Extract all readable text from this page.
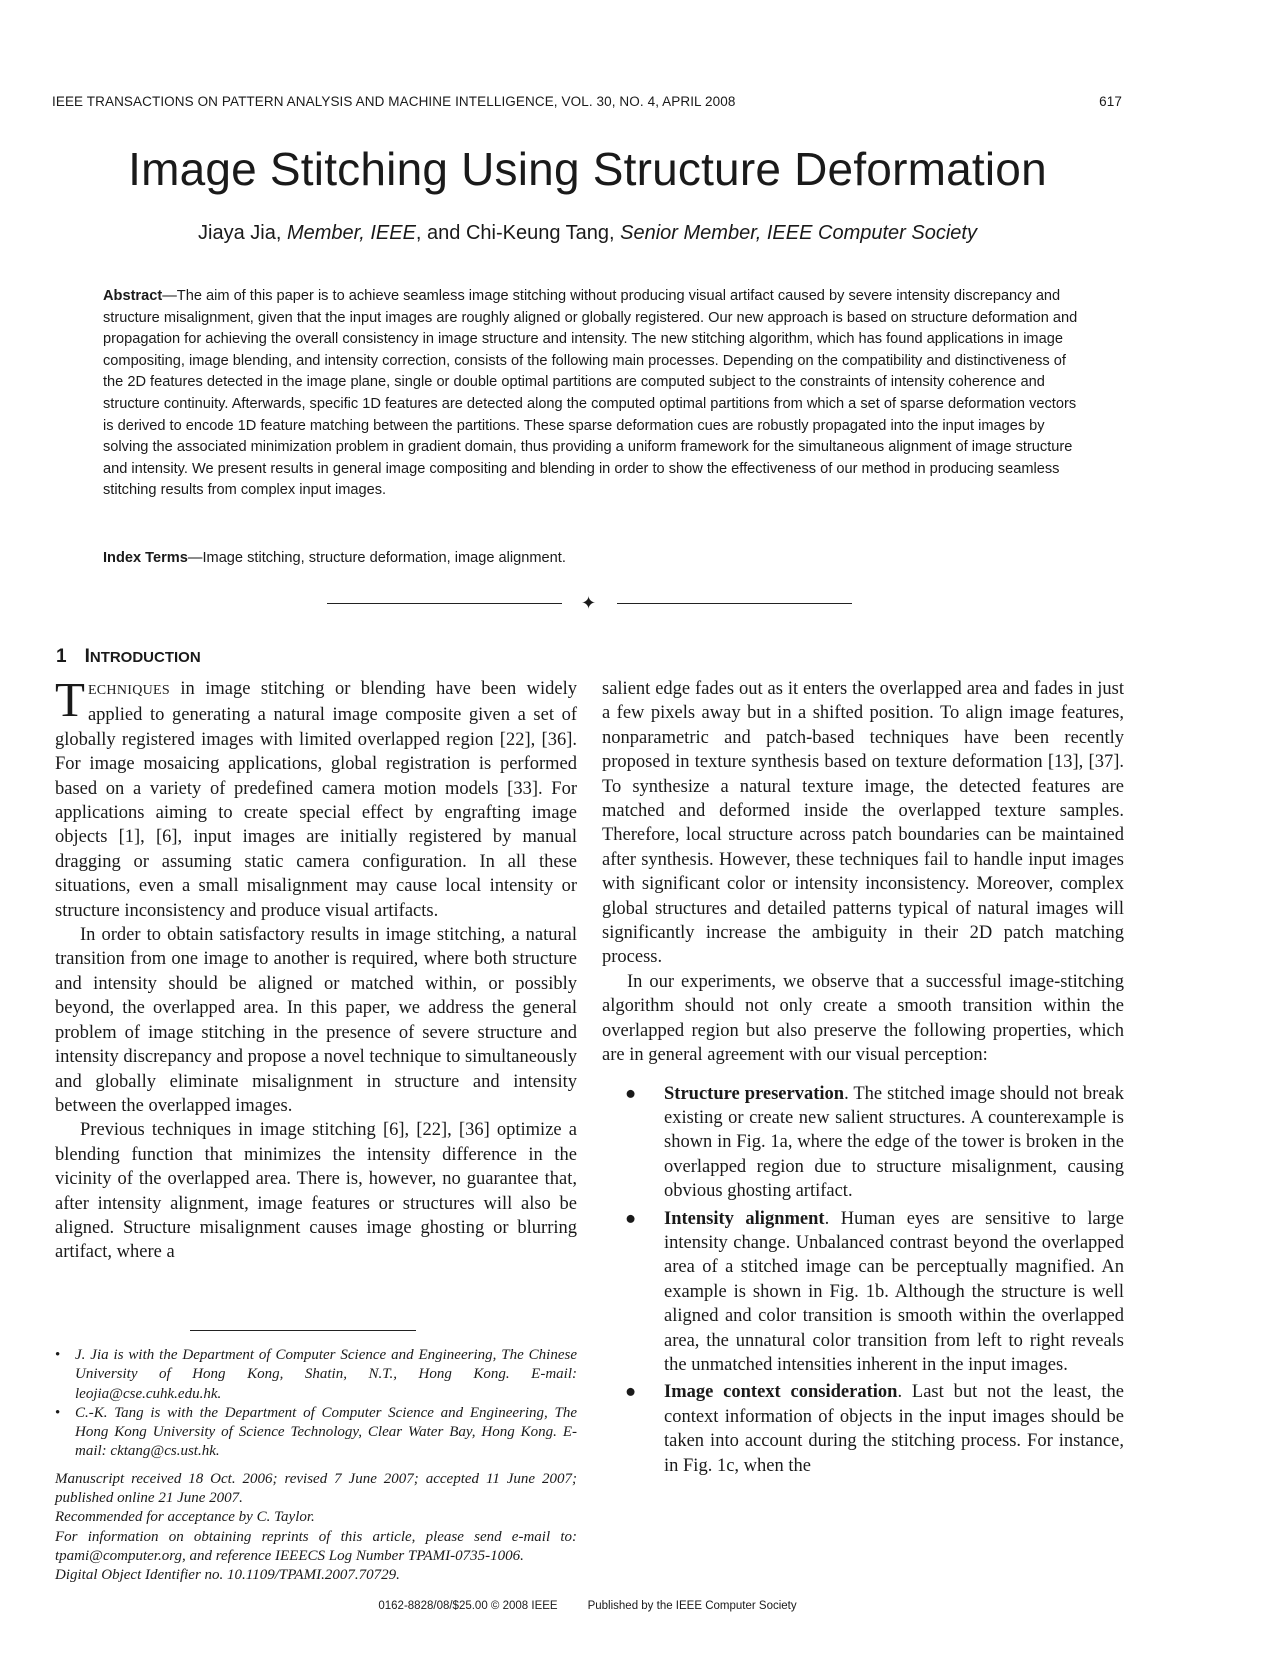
IEEE TRANSACTIONS ON PATTERN ANALYSIS AND MACHINE INTELLIGENCE, VOL. 30, NO. 4, APRIL 2008	617
Image Stitching Using Structure Deformation
Jiaya Jia, Member, IEEE, and Chi-Keung Tang, Senior Member, IEEE Computer Society
Abstract—The aim of this paper is to achieve seamless image stitching without producing visual artifact caused by severe intensity discrepancy and structure misalignment, given that the input images are roughly aligned or globally registered. Our new approach is based on structure deformation and propagation for achieving the overall consistency in image structure and intensity. The new stitching algorithm, which has found applications in image compositing, image blending, and intensity correction, consists of the following main processes. Depending on the compatibility and distinctiveness of the 2D features detected in the image plane, single or double optimal partitions are computed subject to the constraints of intensity coherence and structure continuity. Afterwards, specific 1D features are detected along the computed optimal partitions from which a set of sparse deformation vectors is derived to encode 1D feature matching between the partitions. These sparse deformation cues are robustly propagated into the input images by solving the associated minimization problem in gradient domain, thus providing a uniform framework for the simultaneous alignment of image structure and intensity. We present results in general image compositing and blending in order to show the effectiveness of our method in producing seamless stitching results from complex input images.
Index Terms—Image stitching, structure deformation, image alignment.
✦
1 INTRODUCTION

TECHNIQUES in image stitching or blending have been widely applied to generating a natural image composite given a set of globally registered images with limited overlapped region [22], [36]. For image mosaicing applications, global registration is performed based on a variety of predefined camera motion models [33]. For applications aiming to create special effect by engrafting image objects [1], [6], input images are initially registered by manual dragging or assuming static camera configuration. In all these situations, even a small misalignment may cause local intensity or structure inconsistency and produce visual artifacts.

In order to obtain satisfactory results in image stitching, a natural transition from one image to another is required, where both structure and intensity should be aligned or matched within, or possibly beyond, the overlapped area. In this paper, we address the general problem of image stitching in the presence of severe structure and intensity discrepancy and propose a novel technique to simultaneously and globally eliminate misalignment in structure and intensity between the overlapped images.

Previous techniques in image stitching [6], [22], [36] optimize a blending function that minimizes the intensity difference in the vicinity of the overlapped area. There is, however, no guarantee that, after intensity alignment, image features or structures will also be aligned. Structure misalignment causes image ghosting or blurring artifact, where a

salient edge fades out as it enters the overlapped area and fades in just a few pixels away but in a shifted position. To align image features, nonparametric and patch-based techniques have been recently proposed in texture synthesis based on texture deformation [13], [37]. To synthesize a natural texture image, the detected features are matched and deformed inside the overlapped texture samples. Therefore, local structure across patch boundaries can be maintained after synthesis. However, these techniques fail to handle input images with significant color or intensity inconsistency. Moreover, complex global structures and detailed patterns typical of natural images will significantly increase the ambiguity in their 2D patch matching process.

In our experiments, we observe that a successful image-stitching algorithm should not only create a smooth transition within the overlapped region but also preserve the following properties, which are in general agreement with our visual perception:

● Structure preservation. The stitched image should not break existing or create new salient structures. A counterexample is shown in Fig. 1a, where the edge of the tower is broken in the overlapped region due to structure misalignment, causing obvious ghosting artifact.
● Intensity alignment. Human eyes are sensitive to large intensity change. Unbalanced contrast beyond the overlapped area of a stitched image can be perceptually magnified. An example is shown in Fig. 1b. Although the structure is well aligned and color transition is smooth within the overlapped area, the unnatural color transition from left to right reveals the unmatched intensities inherent in the input images.
● Image context consideration. Last but not the least, the context information of objects in the input images should be taken into account during the stitching process. For instance, in Fig. 1c, when the
• J. Jia is with the Department of Computer Science and Engineering, The Chinese University of Hong Kong, Shatin, N.T., Hong Kong. E-mail: leojia@cse.cuhk.edu.hk.
• C.-K. Tang is with the Department of Computer Science and Engineering, The Hong Kong University of Science Technology, Clear Water Bay, Hong Kong. E-mail: cktang@cs.ust.hk.
Manuscript received 18 Oct. 2006; revised 7 June 2007; accepted 11 June 2007; published online 21 June 2007.
Recommended for acceptance by C. Taylor.
For information on obtaining reprints of this article, please send e-mail to: tpami@computer.org, and reference IEEECS Log Number TPAMI-0735-1006.
Digital Object Identifier no. 10.1109/TPAMI.2007.70729.
0162-8828/08/$25.00 © 2008 IEEE	Published by the IEEE Computer Society
